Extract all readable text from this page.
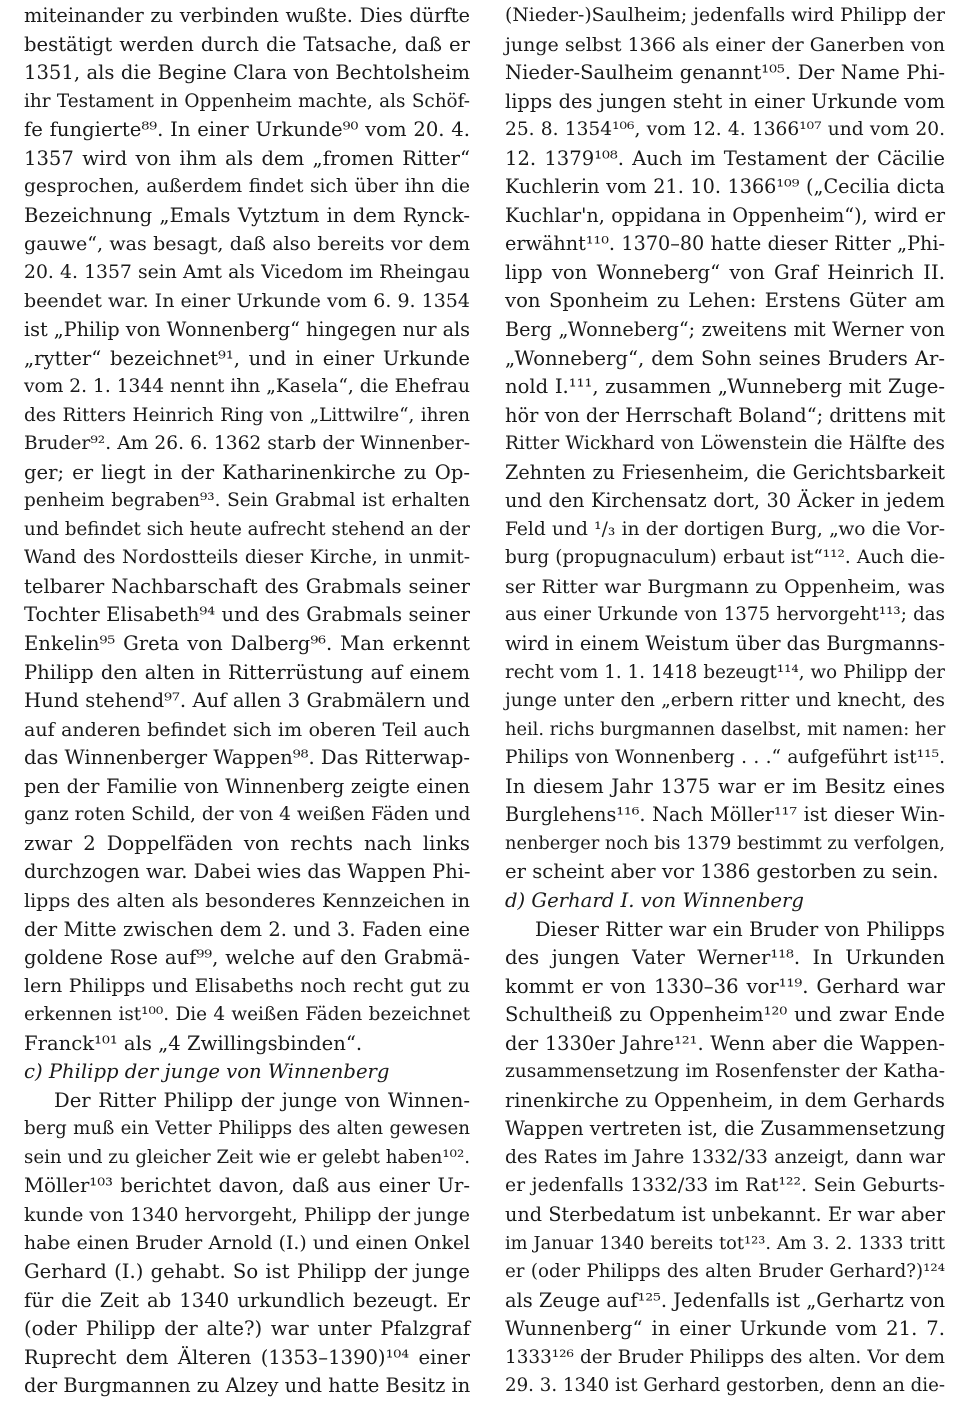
miteinander zu verbinden wußte. Dies dürfte
bestätigt werden durch die Tatsache, daß er
1351, als die Begine Clara von Bechtolsheim
ihr Testament in Oppenheim machte, als Schöf-
fe fungierte⁸⁹. In einer Urkunde⁹⁰ vom 20. 4.
1357 wird von ihm als dem „fromen Ritter“
gesprochen, außerdem findet sich über ihn die
Bezeichnung „Emals Vytztum in dem Rynck-
gauwe“, was besagt, daß also bereits vor dem
20. 4. 1357 sein Amt als Vicedom im Rheingau
beendet war. In einer Urkunde vom 6. 9. 1354
ist „Philip von Wonnenberg“ hingegen nur als
„rytter“ bezeichnet⁹¹, und in einer Urkunde
vom 2. 1. 1344 nennt ihn „Kasela“, die Ehefrau
des Ritters Heinrich Ring von „Littwilre“, ihren
Bruder⁹². Am 26. 6. 1362 starb der Winnenber-
ger; er liegt in der Katharinenkirche zu Op-
penheim begraben⁹³. Sein Grabmal ist erhalten
und befindet sich heute aufrecht stehend an der
Wand des Nordostteils dieser Kirche, in unmit-
telbarer Nachbarschaft des Grabmals seiner
Tochter Elisabeth⁹⁴ und des Grabmals seiner
Enkelin⁹⁵ Greta von Dalberg⁹⁶. Man erkennt
Philipp den alten in Ritterrüstung auf einem
Hund stehend⁹⁷. Auf allen 3 Grabmälern und
auf anderen befindet sich im oberen Teil auch
das Winnenberger Wappen⁹⁸. Das Ritterwap-
pen der Familie von Winnenberg zeigte einen
ganz roten Schild, der von 4 weißen Fäden und
zwar 2 Doppelfäden von rechts nach links
durchzogen war. Dabei wies das Wappen Phi-
lipps des alten als besonderes Kennzeichen in
der Mitte zwischen dem 2. und 3. Faden eine
goldene Rose auf⁹⁹, welche auf den Grabmä-
lern Philipps und Elisabeths noch recht gut zu
erkennen ist¹⁰⁰. Die 4 weißen Fäden bezeichnet
Franck¹⁰¹ als „4 Zwillingsbinden“.
c) Philipp der junge von Winnenberg
Der Ritter Philipp der junge von Winnen-
berg muß ein Vetter Philipps des alten gewesen
sein und zu gleicher Zeit wie er gelebt haben¹⁰².
Möller¹⁰³ berichtet davon, daß aus einer Ur-
kunde von 1340 hervorgeht, Philipp der junge
habe einen Bruder Arnold (I.) und einen Onkel
Gerhard (I.) gehabt. So ist Philipp der junge
für die Zeit ab 1340 urkundlich bezeugt. Er
(oder Philipp der alte?) war unter Pfalzgraf
Ruprecht dem Älteren (1353–1390)¹⁰⁴ einer
der Burgmannen zu Alzey und hatte Besitz in
(Nieder-)Saulheim; jedenfalls wird Philipp der
junge selbst 1366 als einer der Ganerben von
Nieder-Saulheim genannt¹⁰⁵. Der Name Phi-
lipps des jungen steht in einer Urkunde vom
25. 8. 1354¹⁰⁶, vom 12. 4. 1366¹⁰⁷ und vom 20.
12. 1379¹⁰⁸. Auch im Testament der Cäcilie
Kuchlerin vom 21. 10. 1366¹⁰⁹ („Cecilia dicta
Kuchlar'n, oppidana in Oppenheim“), wird er
erwähnt¹¹⁰. 1370–80 hatte dieser Ritter „Phi-
lipp von Wonneberg“ von Graf Heinrich II.
von Sponheim zu Lehen: Erstens Güter am
Berg „Wonneberg“; zweitens mit Werner von
„Wonneberg“, dem Sohn seines Bruders Ar-
nold I.¹¹¹, zusammen „Wunneberg mit Zuge-
hör von der Herrschaft Boland“; drittens mit
Ritter Wickhard von Löwenstein die Hälfte des
Zehnten zu Friesenheim, die Gerichtsbarkeit
und den Kirchensatz dort, 30 Äcker in jedem
Feld und ¹/₃ in der dortigen Burg, „wo die Vor-
burg (propugnaculum) erbaut ist“¹¹². Auch die-
ser Ritter war Burgmann zu Oppenheim, was
aus einer Urkunde von 1375 hervorgeht¹¹³; das
wird in einem Weistum über das Burgmanns-
recht vom 1. 1. 1418 bezeugt¹¹⁴, wo Philipp der
junge unter den „erbern ritter und knecht, des
heil. richs burgmannen daselbst, mit namen: her
Philips von Wonnenberg . . .“ aufgeführt ist¹¹⁵.
In diesem Jahr 1375 war er im Besitz eines
Burglehens¹¹⁶. Nach Möller¹¹⁷ ist dieser Win-
nenberger noch bis 1379 bestimmt zu verfolgen,
er scheint aber vor 1386 gestorben zu sein.
d) Gerhard I. von Winnenberg
Dieser Ritter war ein Bruder von Philipps
des jungen Vater Werner¹¹⁸. In Urkunden
kommt er von 1330–36 vor¹¹⁹. Gerhard war
Schultheiß zu Oppenheim¹²⁰ und zwar Ende
der 1330er Jahre¹²¹. Wenn aber die Wappen-
zusammensetzung im Rosenfenster der Katha-
rinenkirche zu Oppenheim, in dem Gerhards
Wappen vertreten ist, die Zusammensetzung
des Rates im Jahre 1332/33 anzeigt, dann war
er jedenfalls 1332/33 im Rat¹²². Sein Geburts-
und Sterbedatum ist unbekannt. Er war aber
im Januar 1340 bereits tot¹²³. Am 3. 2. 1333 tritt
er (oder Philipps des alten Bruder Gerhard?)¹²⁴
als Zeuge auf¹²⁵. Jedenfalls ist „Gerhartz von
Wunnenberg“ in einer Urkunde vom 21. 7.
1333¹²⁶ der Bruder Philipps des alten. Vor dem
29. 3. 1340 ist Gerhard gestorben, denn an die-
